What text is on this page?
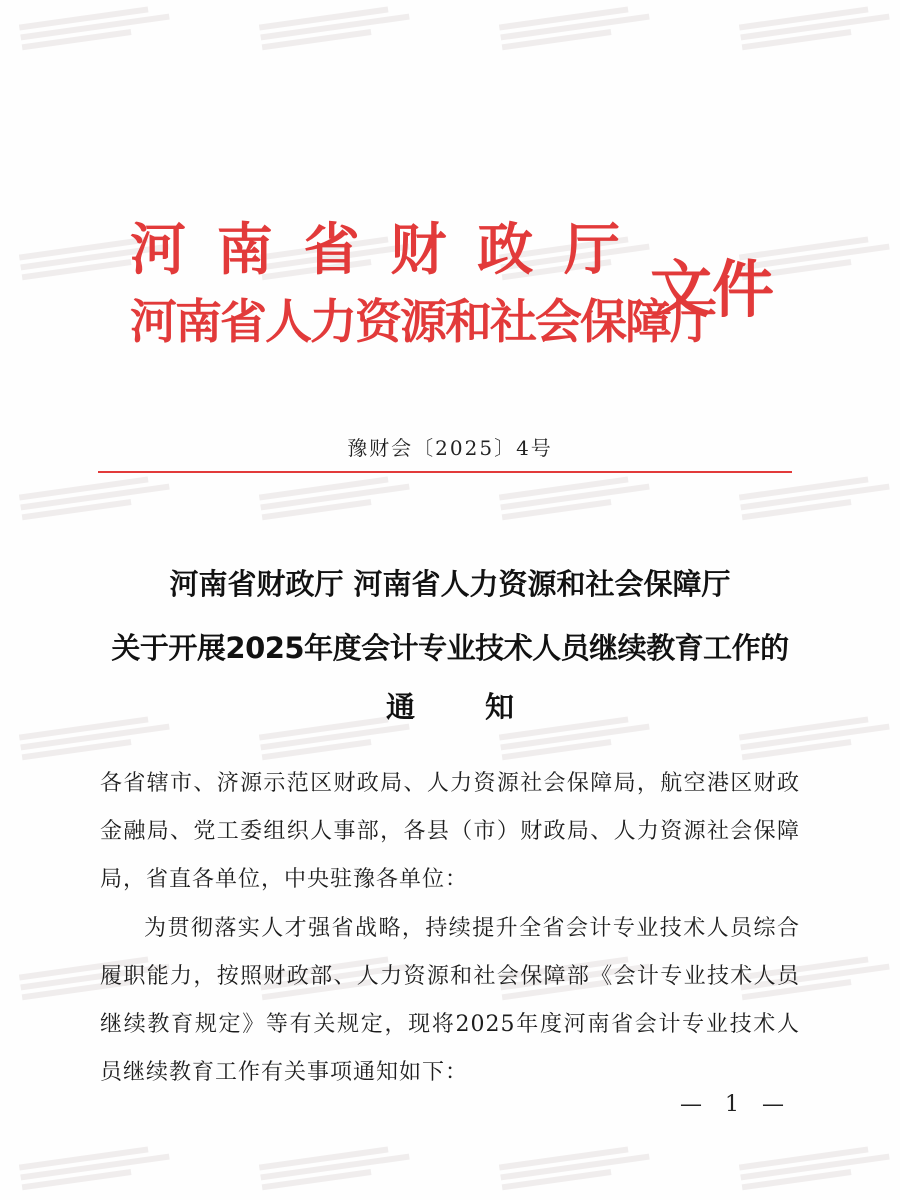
河 南 省 财 政 厅
河南省人力资源和社会保障厅
文件
豫财会〔2025〕4号
河南省财政厅 河南省人力资源和社会保障厅
关于开展2025年度会计专业技术人员继续教育工作的
通 知
各省辖市、济源示范区财政局、人力资源社会保障局，航空港区财政金融局、党工委组织人事部，各县（市）财政局、人力资源社会保障局，省直各单位，中央驻豫各单位：
为贯彻落实人才强省战略，持续提升全省会计专业技术人员综合履职能力，按照财政部、人力资源和社会保障部《会计专业技术人员继续教育规定》等有关规定，现将2025年度河南省会计专业技术人员继续教育工作有关事项通知如下：
— 1 —
